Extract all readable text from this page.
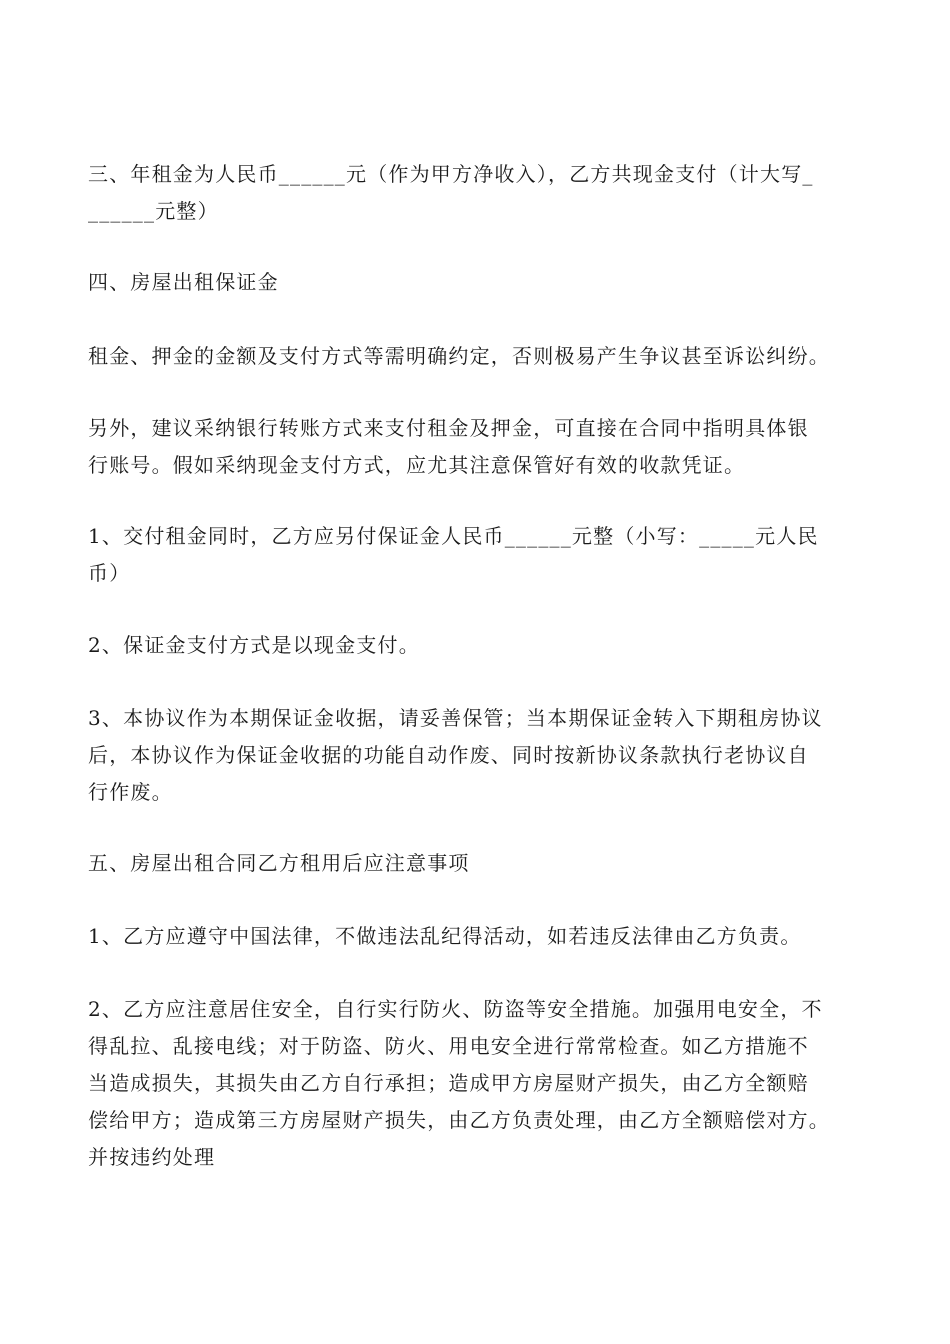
三、年租金为人民币______元（作为甲方净收入），乙方共现金支付（计大写_
______元整）
四、房屋出租保证金
租金、押金的金额及支付方式等需明确约定，否则极易产生争议甚至诉讼纠纷。
另外，建议采纳银行转账方式来支付租金及押金，可直接在合同中指明具体银
行账号。假如采纳现金支付方式，应尤其注意保管好有效的收款凭证。
1、交付租金同时，乙方应另付保证金人民币______元整（小写：_____元人民
币）
2、保证金支付方式是以现金支付。
3、本协议作为本期保证金收据，请妥善保管；当本期保证金转入下期租房协议
后，本协议作为保证金收据的功能自动作废、同时按新协议条款执行老协议自
行作废。
五、房屋出租合同乙方租用后应注意事项
1、乙方应遵守中国法律，不做违法乱纪得活动，如若违反法律由乙方负责。
2、乙方应注意居住安全，自行实行防火、防盗等安全措施。加强用电安全，不
得乱拉、乱接电线；对于防盗、防火、用电安全进行常常检查。如乙方措施不
当造成损失，其损失由乙方自行承担；造成甲方房屋财产损失，由乙方全额赔
偿给甲方；造成第三方房屋财产损失，由乙方负责处理，由乙方全额赔偿对方。
并按违约处理
